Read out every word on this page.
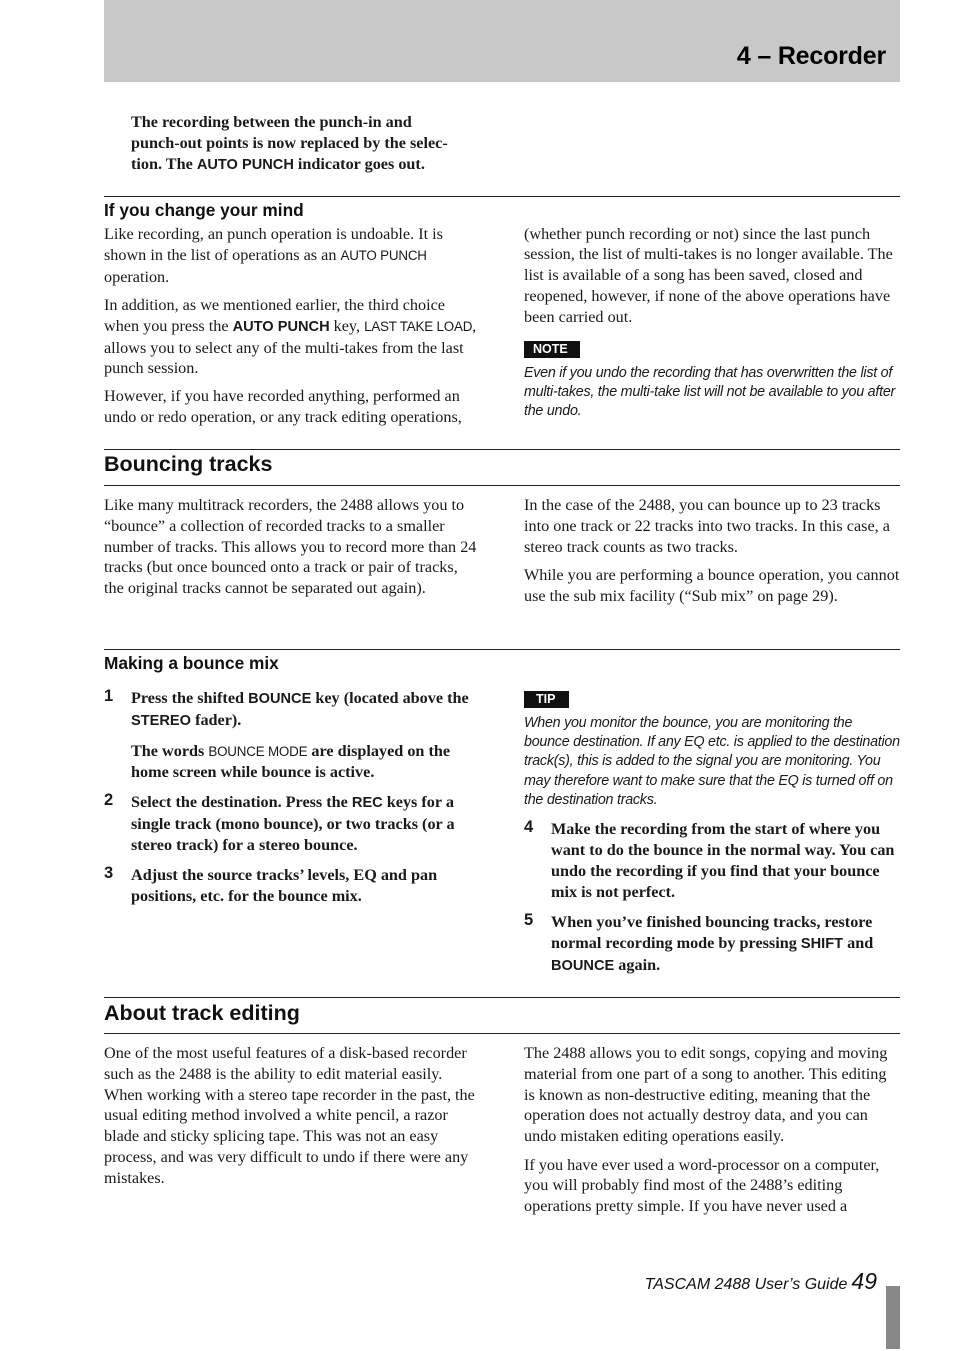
4 – Recorder
The recording between the punch-in and
punch-out points is now replaced by the selec-
tion. The AUTO PUNCH indicator goes out.
If you change your mind

Like recording, an punch operation is undoable. It is shown in the list of operations as an AUTO PUNCH operation.

In addition, as we mentioned earlier, the third choice when you press the AUTO PUNCH key, LAST TAKE LOAD, allows you to select any of the multi-takes from the last punch session.

However, if you have recorded anything, performed an undo or redo operation, or any track editing operations,

(whether punch recording or not) since the last punch session, the list of multi-takes is no longer available. The list is available of a song has been saved, closed and reopened, however, if none of the above operations have been carried out.

NOTE

Even if you undo the recording that has overwritten the list of multi-takes, the multi-take list will not be available to you after the undo.

Bouncing tracks

Like many multitrack recorders, the 2488 allows you to “bounce” a collection of recorded tracks to a smaller number of tracks. This allows you to record more than 24 tracks (but once bounced onto a track or pair of tracks, the original tracks cannot be separated out again).

In the case of the 2488, you can bounce up to 23 tracks into one track or 22 tracks into two tracks. In this case, a stereo track counts as two tracks.

While you are performing a bounce operation, you cannot use the sub mix facility (“Sub mix” on page 29).

Making a bounce mix
1 Press the shifted BOUNCE key (located above the STEREO fader).
The words BOUNCE MODE are displayed on the home screen while bounce is active.
2 Select the destination. Press the REC keys for a single track (mono bounce), or two tracks (or a stereo track) for a stereo bounce.
3 Adjust the source tracks’ levels, EQ and pan positions, etc. for the bounce mix.
TIP

When you monitor the bounce, you are monitoring the bounce destination. If any EQ etc. is applied to the destination track(s), this is added to the signal you are monitoring. You may therefore want to make sure that the EQ is turned off on the destination tracks.

4 Make the recording from the start of where you want to do the bounce in the normal way. You can undo the recording if you find that your bounce mix is not perfect.
5 When you’ve finished bouncing tracks, restore normal recording mode by pressing SHIFT and BOUNCE again.
About track editing

One of the most useful features of a disk-based recorder such as the 2488 is the ability to edit material easily. When working with a stereo tape recorder in the past, the usual editing method involved a white pencil, a razor blade and sticky splicing tape. This was not an easy process, and was very difficult to undo if there were any mistakes.

The 2488 allows you to edit songs, copying and moving material from one part of a song to another. This editing is known as non-destructive editing, meaning that the operation does not actually destroy data, and you can undo mistaken editing operations easily.

If you have ever used a word-processor on a computer, you will probably find most of the 2488’s editing operations pretty simple. If you have never used a

TASCAM 2488 User’s Guide 49
